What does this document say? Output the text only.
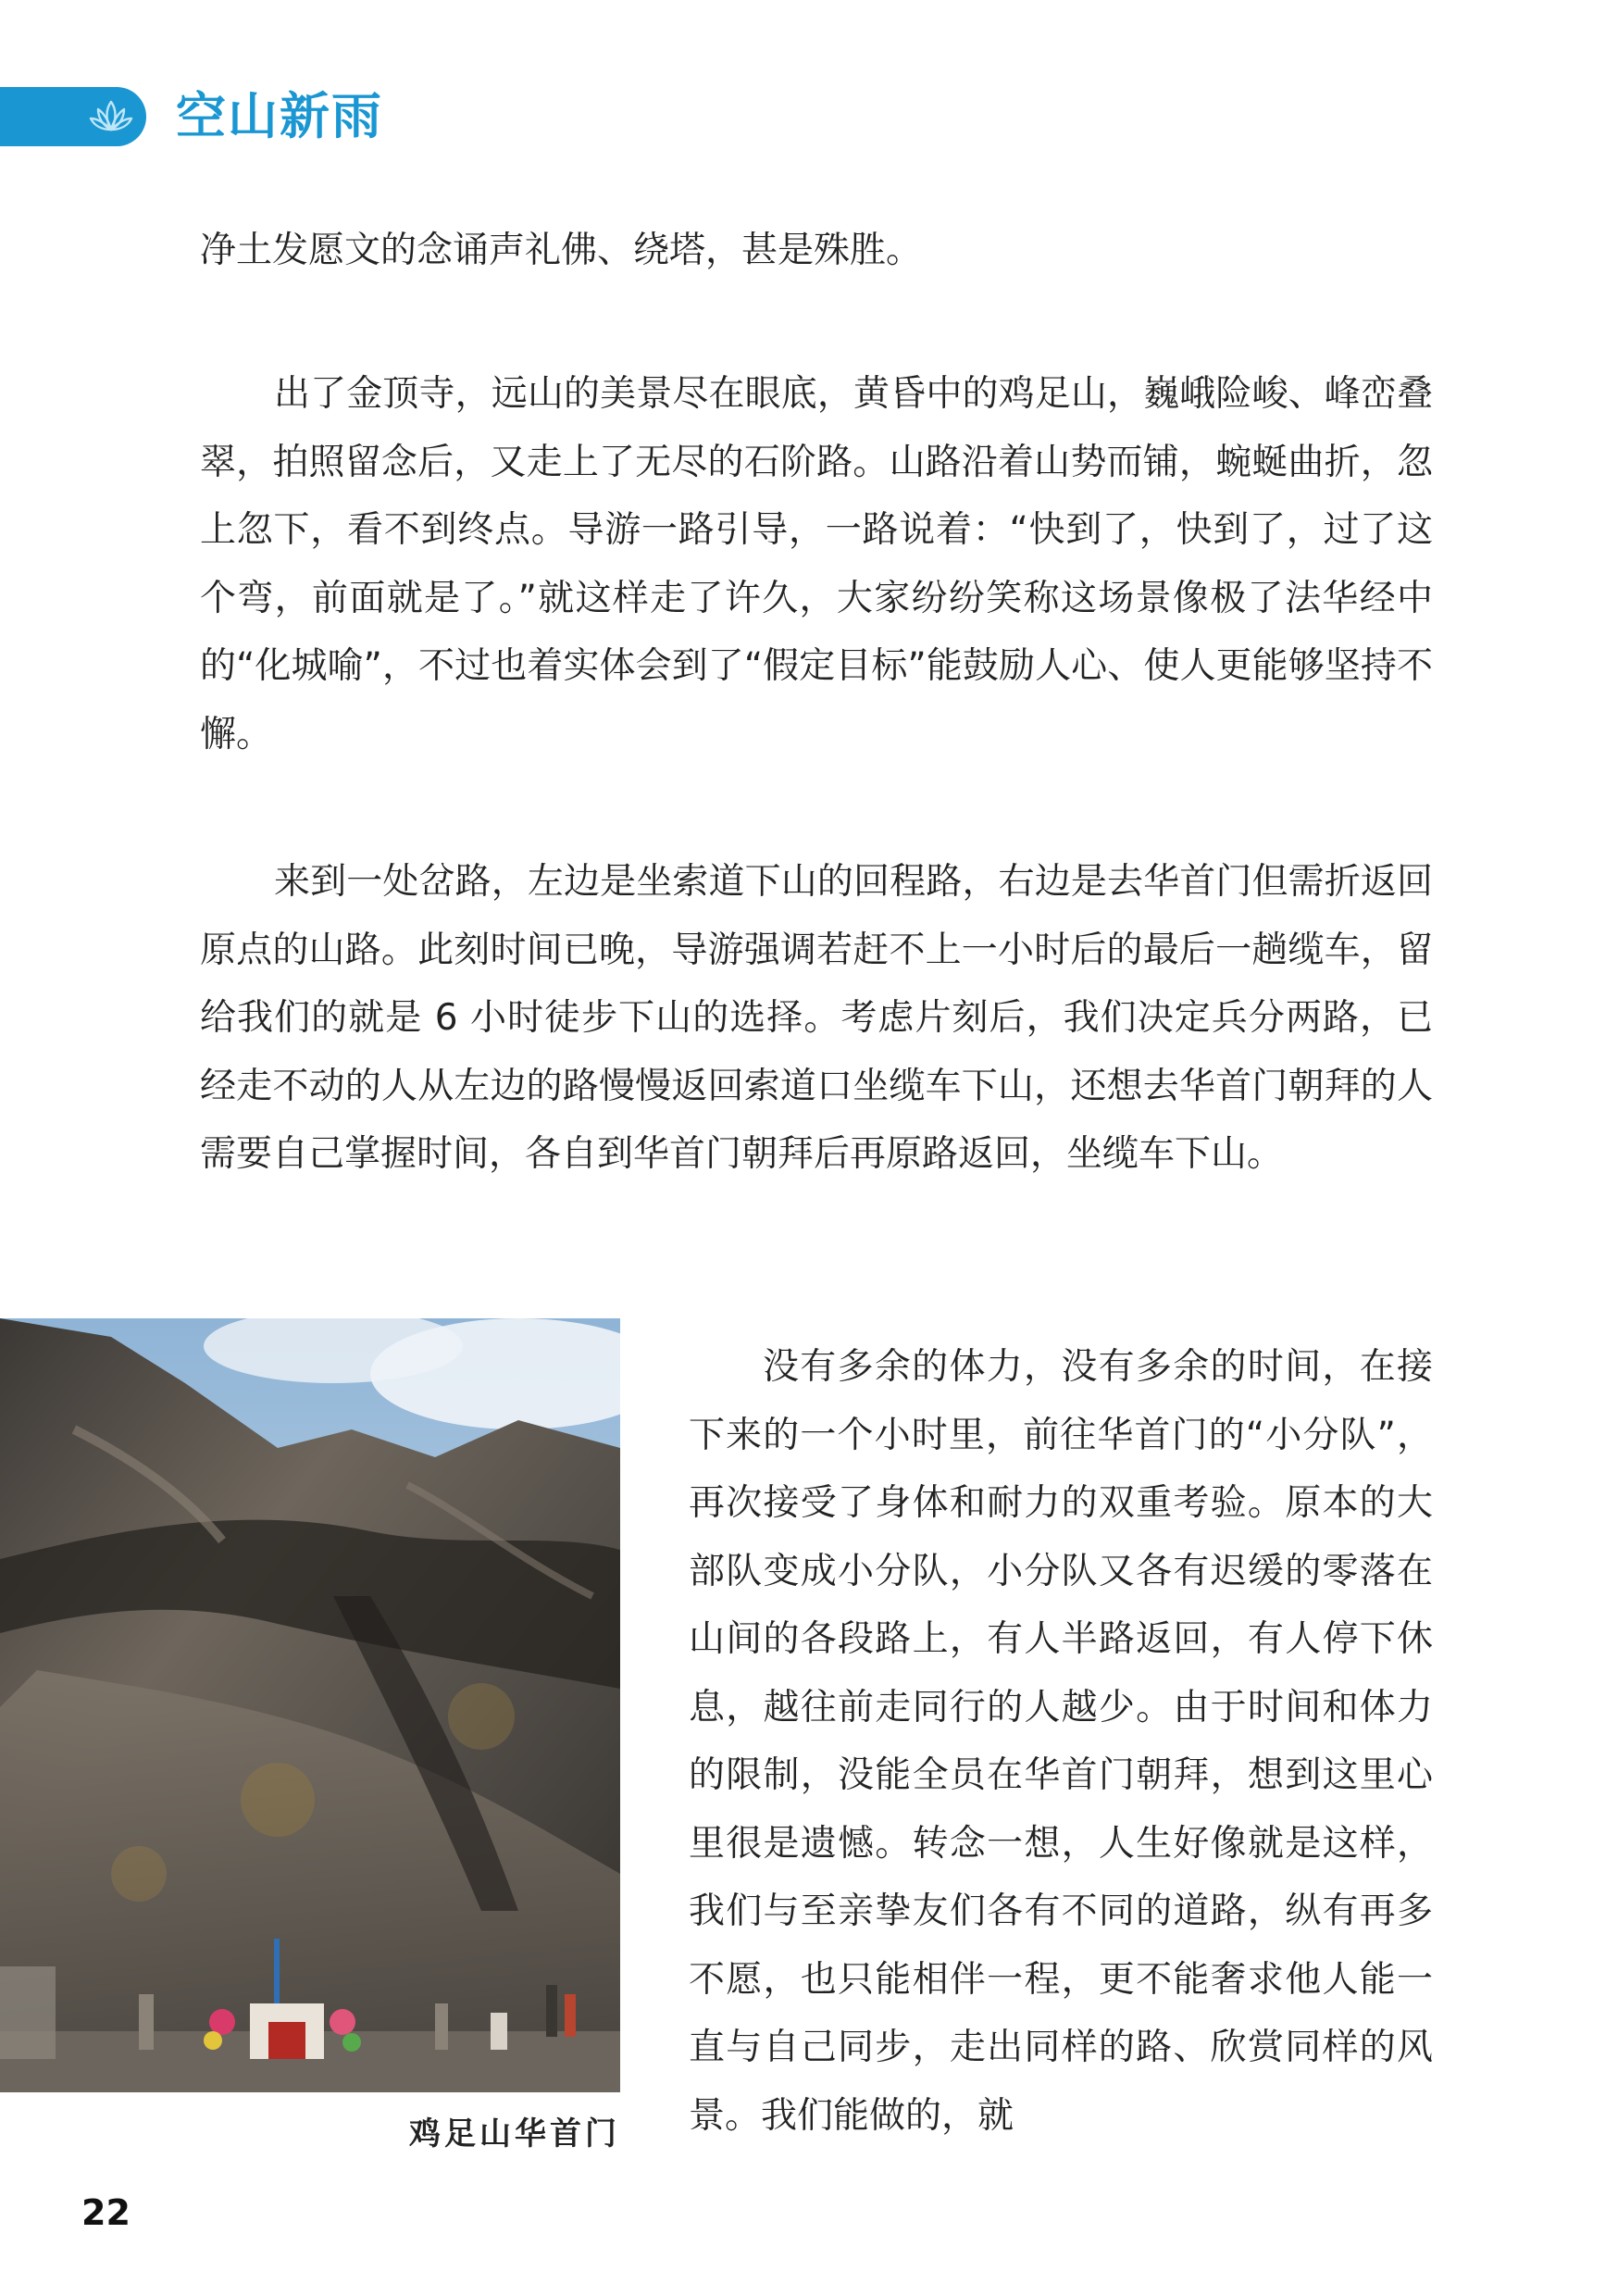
空山新雨
净土发愿文的念诵声礼佛、绕塔，甚是殊胜。
出了金顶寺，远山的美景尽在眼底，黄昏中的鸡足山，巍峨险峻、峰峦叠翠，拍照留念后，又走上了无尽的石阶路。山路沿着山势而铺，蜿蜒曲折，忽上忽下，看不到终点。导游一路引导，一路说着：“快到了，快到了，过了这个弯，前面就是了。”就这样走了许久，大家纷纷笑称这场景像极了法华经中的“化城喻”，不过也着实体会到了“假定目标”能鼓励人心、使人更能够坚持不懈。
来到一处岔路，左边是坐索道下山的回程路，右边是去华首门但需折返回原点的山路。此刻时间已晚，导游强调若赶不上一小时后的最后一趟缆车，留给我们的就是 6 小时徒步下山的选择。考虑片刻后，我们决定兵分两路，已经走不动的人从左边的路慢慢返回索道口坐缆车下山，还想去华首门朝拜的人需要自己掌握时间，各自到华首门朝拜后再原路返回，坐缆车下山。
鸡足山华首门
没有多余的体力，没有多余的时间，在接下来的一个小时里，前往华首门的“小分队”，再次接受了身体和耐力的双重考验。原本的大部队变成小分队，小分队又各有迟缓的零落在山间的各段路上，有人半路返回，有人停下休息，越往前走同行的人越少。由于时间和体力的限制，没能全员在华首门朝拜，想到这里心里很是遗憾。转念一想，人生好像就是这样，我们与至亲挚友们各有不同的道路，纵有再多不愿，也只能相伴一程，更不能奢求他人能一直与自己同步，走出同样的路、欣赏同样的风景。我们能做的，就
22
